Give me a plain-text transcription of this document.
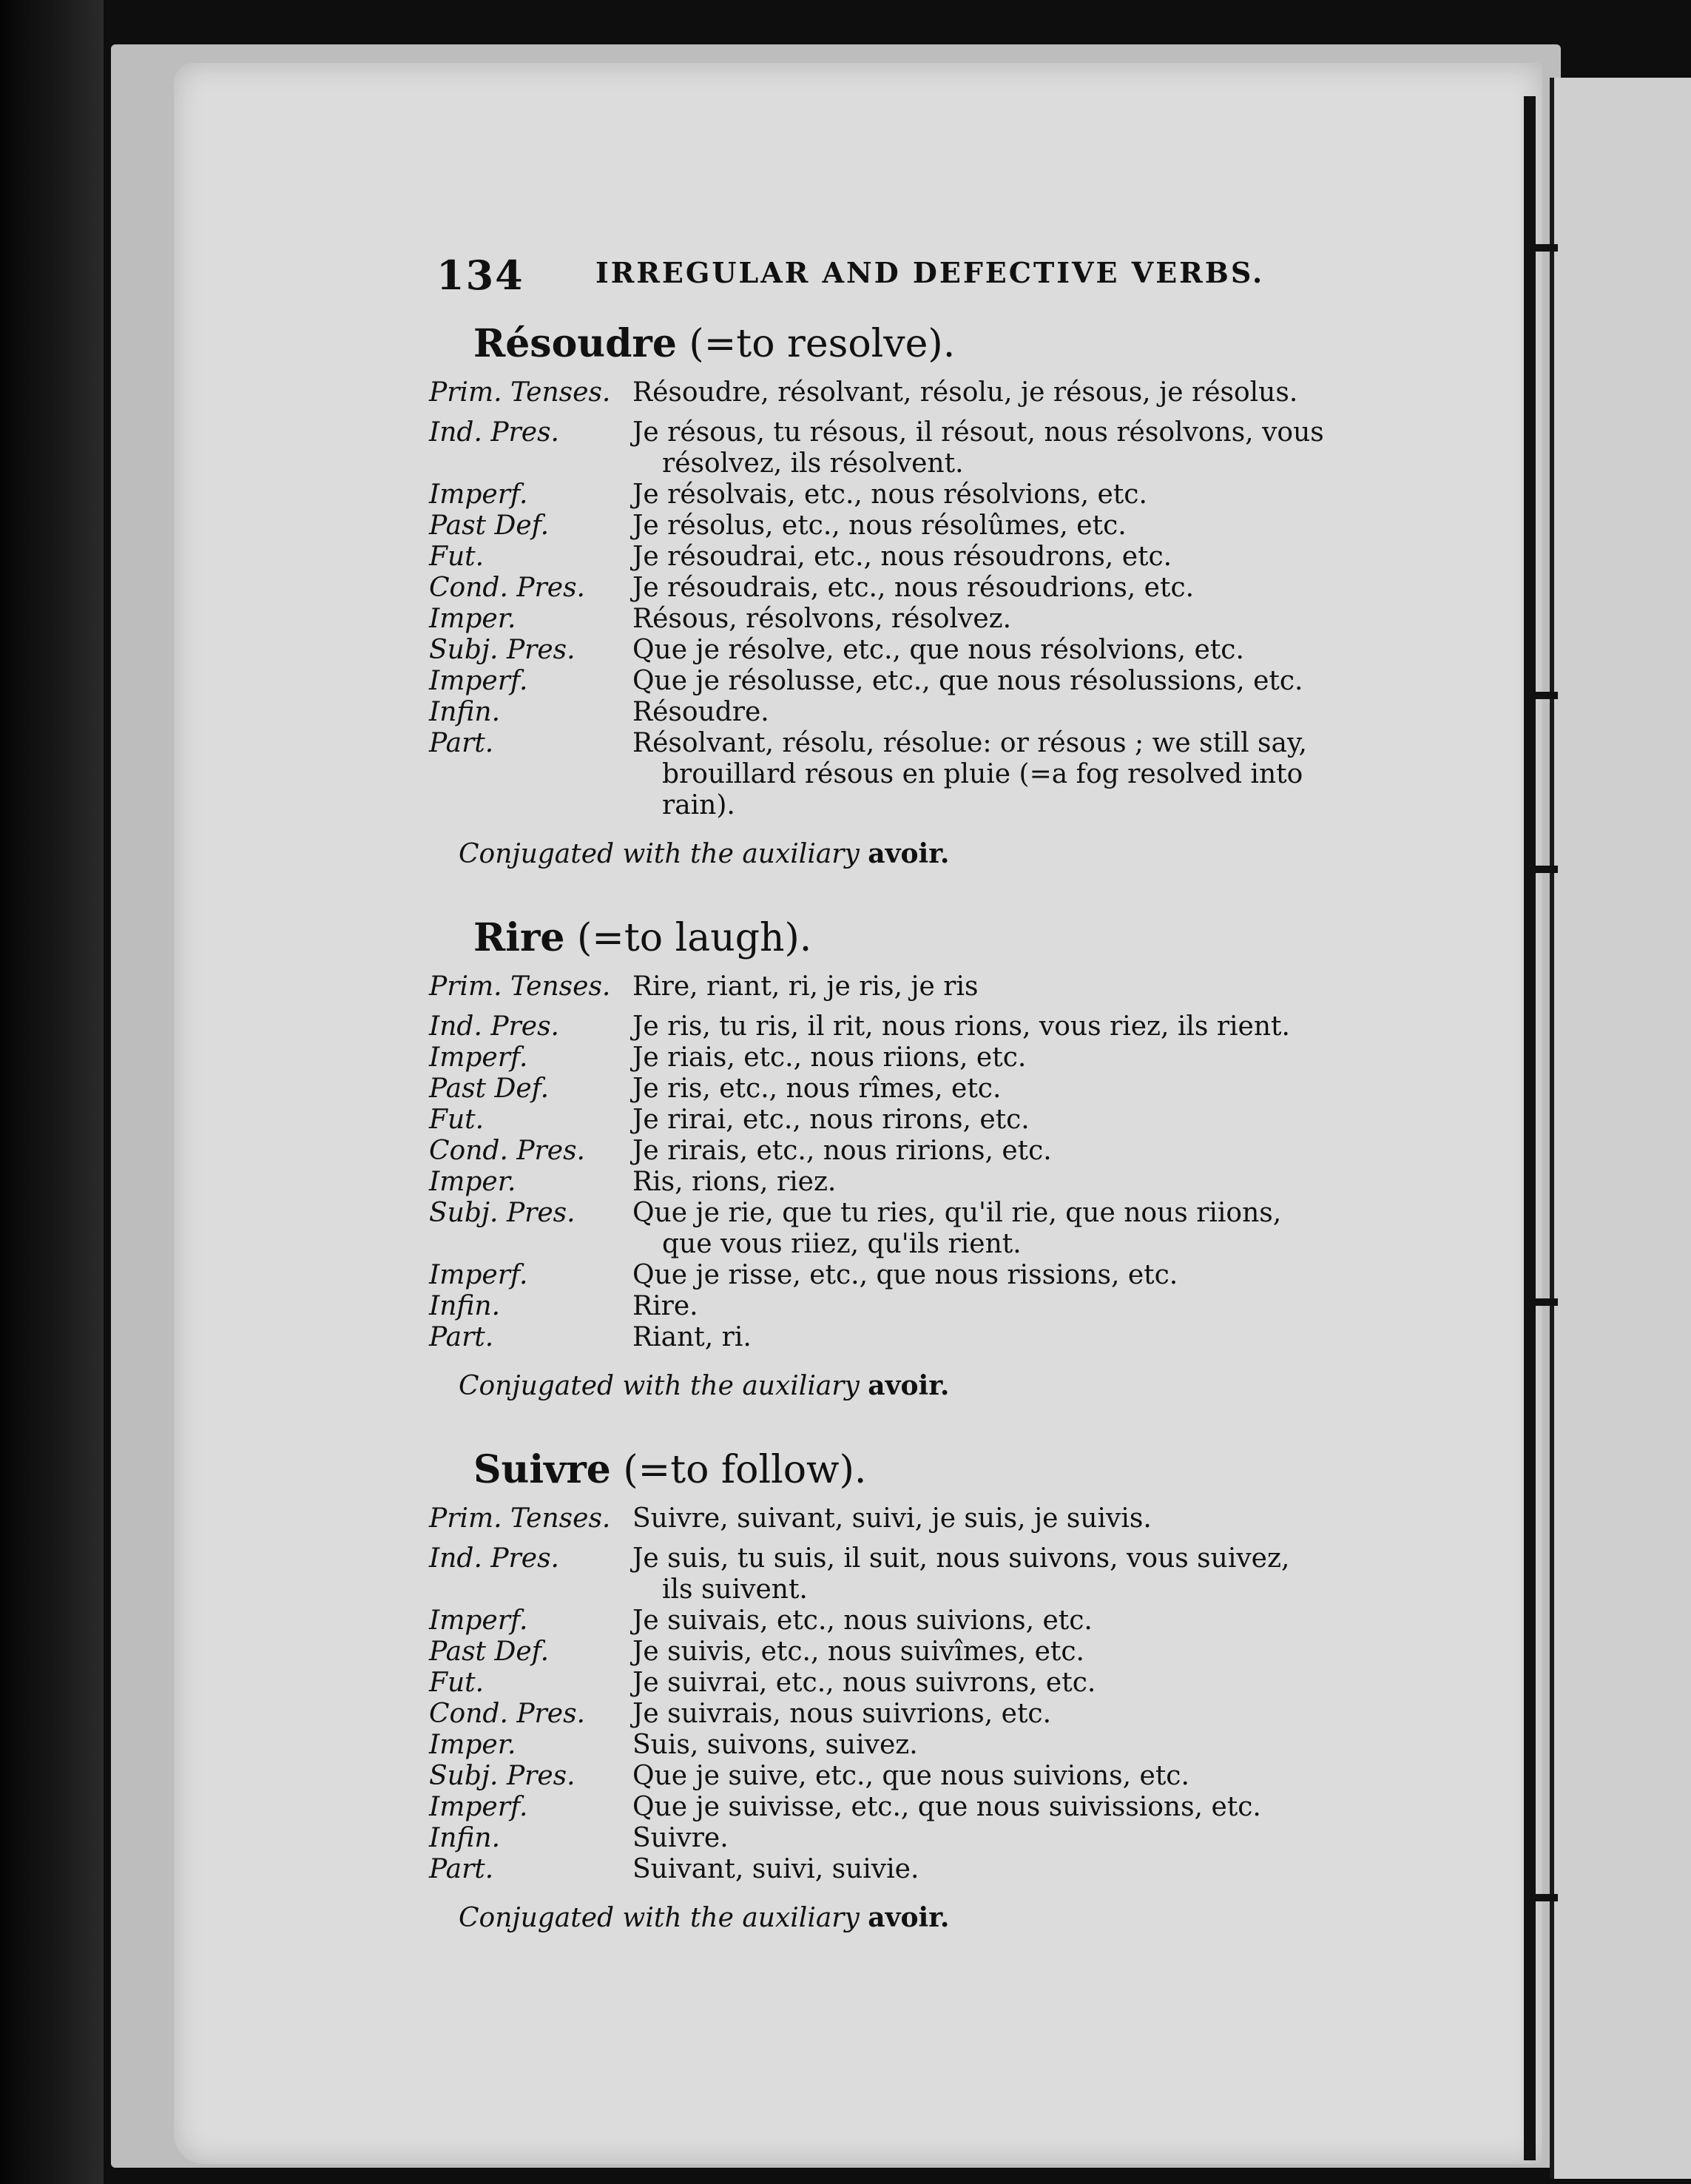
134	IRREGULAR AND DEFECTIVE VERBS.
Résoudre (=to resolve).
Prim. Tenses. Résoudre, résolvant, résolu, je résous, je résolus.
Ind. Pres.	Je résous, tu résous, il résout, nous résolvons, vous
résolvez, ils résolvent.
Imperf.	Je résolvais, etc., nous résolvions, etc.
Past Def.	Je résolus, etc., nous résolûmes, etc.
Fut.	Je résoudrai, etc., nous résoudrons, etc.
Cond. Pres.	Je résoudrais, etc., nous résoudrions, etc.
Imper.	Résous, résolvons, résolvez.
Subj. Pres.	Que je résolve, etc., que nous résolvions, etc.
Imperf.	Que je résolusse, etc., que nous résolussions, etc.
Infin.	Résoudre.
Part.	Résolvant, résolu, résolue: or résous ; we still say,
brouillard résous en pluie (=a fog resolved into
rain).
Conjugated with the auxiliary avoir.
Rire (=to laugh).
Prim. Tenses. Rire, riant, ri, je ris, je ris
Ind. Pres.	Je ris, tu ris, il rit, nous rions, vous riez, ils rient.
Imperf.	Je riais, etc., nous riions, etc.
Past Def.	Je ris, etc., nous rîmes, etc.
Fut.	Je rirai, etc., nous rirons, etc.
Cond. Pres.	Je rirais, etc., nous ririons, etc.
Imper.	Ris, rions, riez.
Subj. Pres.	Que je rie, que tu ries, qu'il rie, que nous riions,
que vous riiez, qu'ils rient.
Imperf.	Que je risse, etc., que nous rissions, etc.
Infin.	Rire.
Part.	Riant, ri.
Conjugated with the auxiliary avoir.
Suivre (=to follow).
Prim. Tenses. Suivre, suivant, suivi, je suis, je suivis.
Ind. Pres.	Je suis, tu suis, il suit, nous suivons, vous suivez,
ils suivent.
Imperf.	Je suivais, etc., nous suivions, etc.
Past Def.	Je suivis, etc., nous suivîmes, etc.
Fut.	Je suivrai, etc., nous suivrons, etc.
Cond. Pres.	Je suivrais, nous suivrions, etc.
Imper.	Suis, suivons, suivez.
Subj. Pres.	Que je suive, etc., que nous suivions, etc.
Imperf.	Que je suivisse, etc., que nous suivissions, etc.
Infin.	Suivre.
Part.	Suivant, suivi, suivie.
Conjugated with the auxiliary avoir.
